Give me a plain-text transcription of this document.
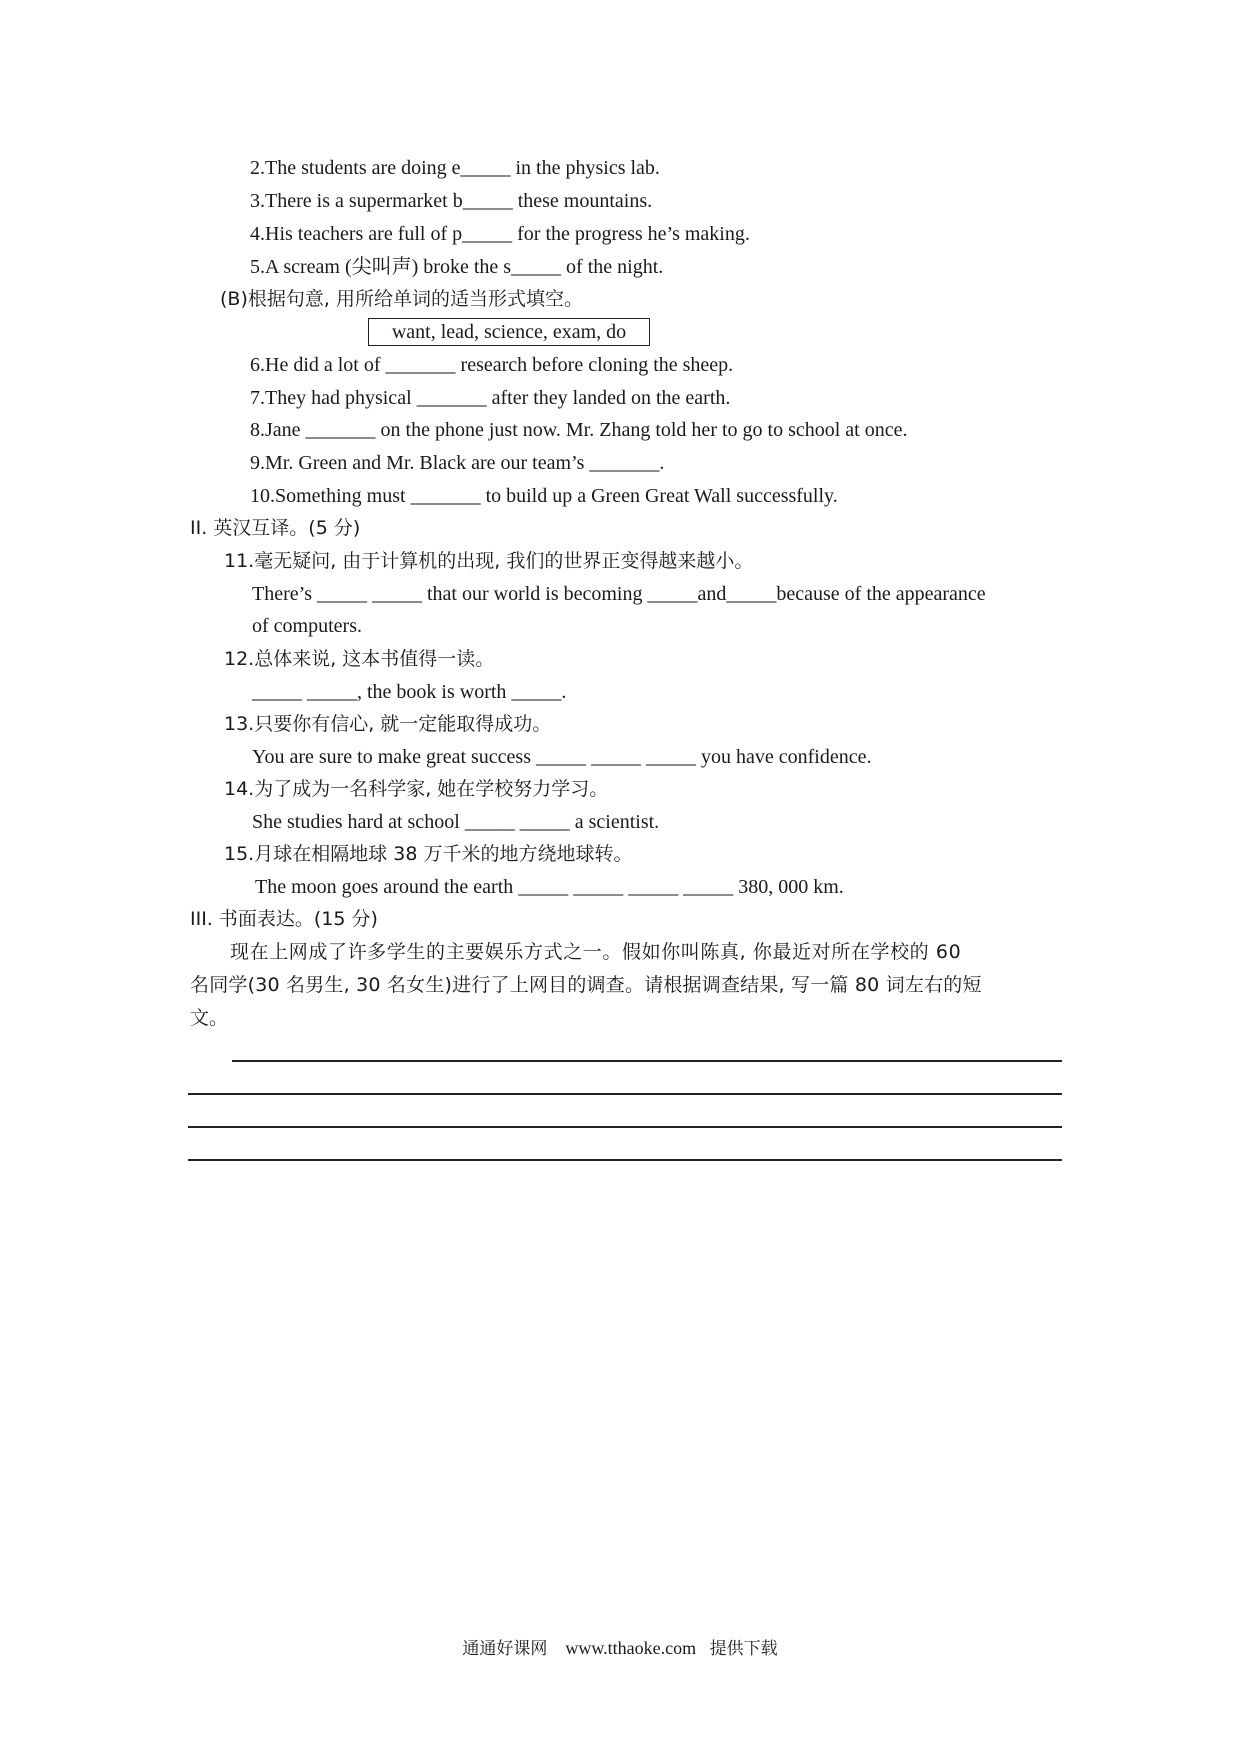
2.The students are doing e_____ in the physics lab.
3.There is a supermarket b_____ these mountains.
4.His teachers are full of p_____ for the progress he’s making.
5.A scream (尖叫声) broke the s_____ of the night.
(B)根据句意, 用所给单词的适当形式填空。
want, lead, science, exam, do
6.He did a lot of _______ research before cloning the sheep.
7.They had physical _______ after they landed on the earth.
8.Jane _______ on the phone just now. Mr. Zhang told her to go to school at once.
9.Mr. Green and Mr. Black are our team’s _______.
10.Something must _______ to build up a Green Great Wall successfully.
II. 英汉互译。(5 分)
11.毫无疑问, 由于计算机的出现, 我们的世界正变得越来越小。
There’s _____ _____ that our world is becoming _____and_____because of the appearance
of computers.
12.总体来说, 这本书值得一读。
_____ _____, the book is worth _____.
13.只要你有信心, 就一定能取得成功。
You are sure to make great success _____ _____ _____ you have confidence.
14.为了成为一名科学家, 她在学校努力学习。
She studies hard at school _____ _____ a scientist.
15.月球在相隔地球 38 万千米的地方绕地球转。
The moon goes around the earth _____ _____ _____ _____ 380, 000 km.
III. 书面表达。(15 分)
现在上网成了许多学生的主要娱乐方式之一。假如你叫陈真, 你最近对所在学校的 60
名同学(30 名男生, 30 名女生)进行了上网目的调查。请根据调查结果, 写一篇 80 词左右的短
文。
通通好课网 www.tthaoke.com 提供下载
